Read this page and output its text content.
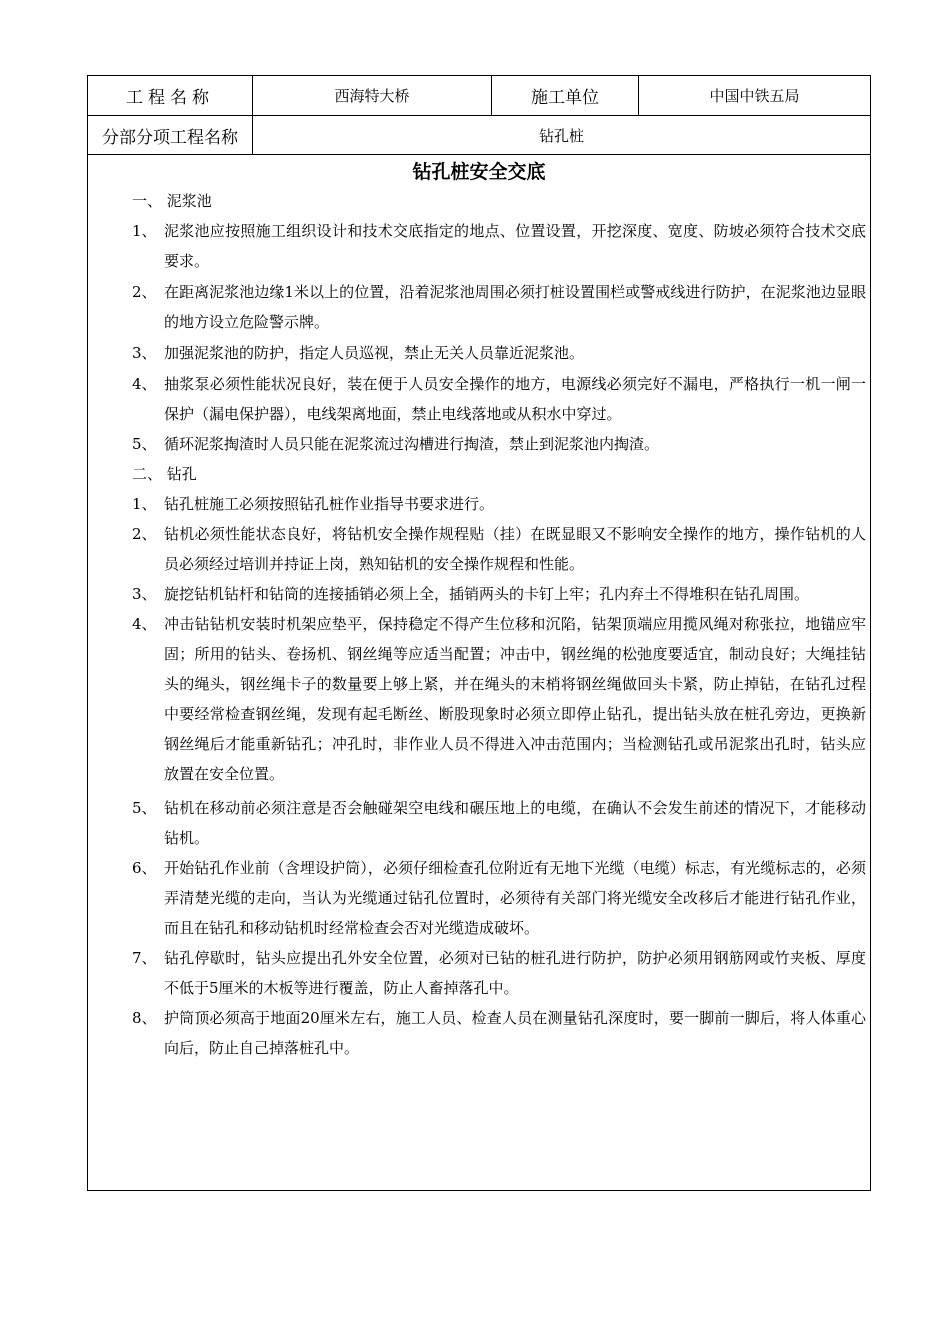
工程名称	西海特大桥	施工单位	中国中铁五局
分部分项工程名称	钻孔桩
钻孔桩安全交底
一、 泥浆池
1、 泥浆池应按照施工组织设计和技术交底指定的地点、位置设置，开挖深度、宽度、防坡必须符合技术交底要求。
2、 在距离泥浆池边缘1米以上的位置，沿着泥浆池周围必须打桩设置围栏或警戒线进行防护，在泥浆池边显眼的地方设立危险警示牌。
3、 加强泥浆池的防护，指定人员巡视，禁止无关人员靠近泥浆池。
4、 抽浆泵必须性能状况良好，装在便于人员安全操作的地方，电源线必须完好不漏电，严格执行一机一闸一保护（漏电保护器），电线架离地面，禁止电线落地或从积水中穿过。
5、 循环泥浆掏渣时人员只能在泥浆流过沟槽进行掏渣，禁止到泥浆池内掏渣。
二、 钻孔
1、 钻孔桩施工必须按照钻孔桩作业指导书要求进行。
2、 钻机必须性能状态良好，将钻机安全操作规程贴（挂）在既显眼又不影响安全操作的地方，操作钻机的人员必须经过培训并持证上岗，熟知钻机的安全操作规程和性能。
3、 旋挖钻机钻杆和钻筒的连接插销必须上全，插销两头的卡钉上牢；孔内弃土不得堆积在钻孔周围。
4、 冲击钻钻机安装时机架应垫平，保持稳定不得产生位移和沉陷，钻架顶端应用揽风绳对称张拉，地锚应牢固；所用的钻头、卷扬机、钢丝绳等应适当配置；冲击中，钢丝绳的松弛度要适宜，制动良好；大绳挂钻头的绳头，钢丝绳卡子的数量要上够上紧，并在绳头的末梢将钢丝绳做回头卡紧，防止掉钻，在钻孔过程中要经常检查钢丝绳，发现有起毛断丝、断股现象时必须立即停止钻孔，提出钻头放在桩孔旁边，更换新钢丝绳后才能重新钻孔；冲孔时，非作业人员不得进入冲击范围内；当检测钻孔或吊泥浆出孔时，钻头应放置在安全位置。
5、 钻机在移动前必须注意是否会触碰架空电线和碾压地上的电缆，在确认不会发生前述的情况下，才能移动钻机。
6、 开始钻孔作业前（含埋设护筒），必须仔细检查孔位附近有无地下光缆（电缆）标志，有光缆标志的，必须弄清楚光缆的走向，当认为光缆通过钻孔位置时，必须待有关部门将光缆安全改移后才能进行钻孔作业，而且在钻孔和移动钻机时经常检查会否对光缆造成破坏。
7、 钻孔停歇时，钻头应提出孔外安全位置，必须对已钻的桩孔进行防护，防护必须用钢筋网或竹夹板、厚度不低于5厘米的木板等进行覆盖，防止人畜掉落孔中。
8、 护筒顶必须高于地面20厘米左右，施工人员、检查人员在测量钻孔深度时，要一脚前一脚后，将人体重心向后，防止自己掉落桩孔中。
